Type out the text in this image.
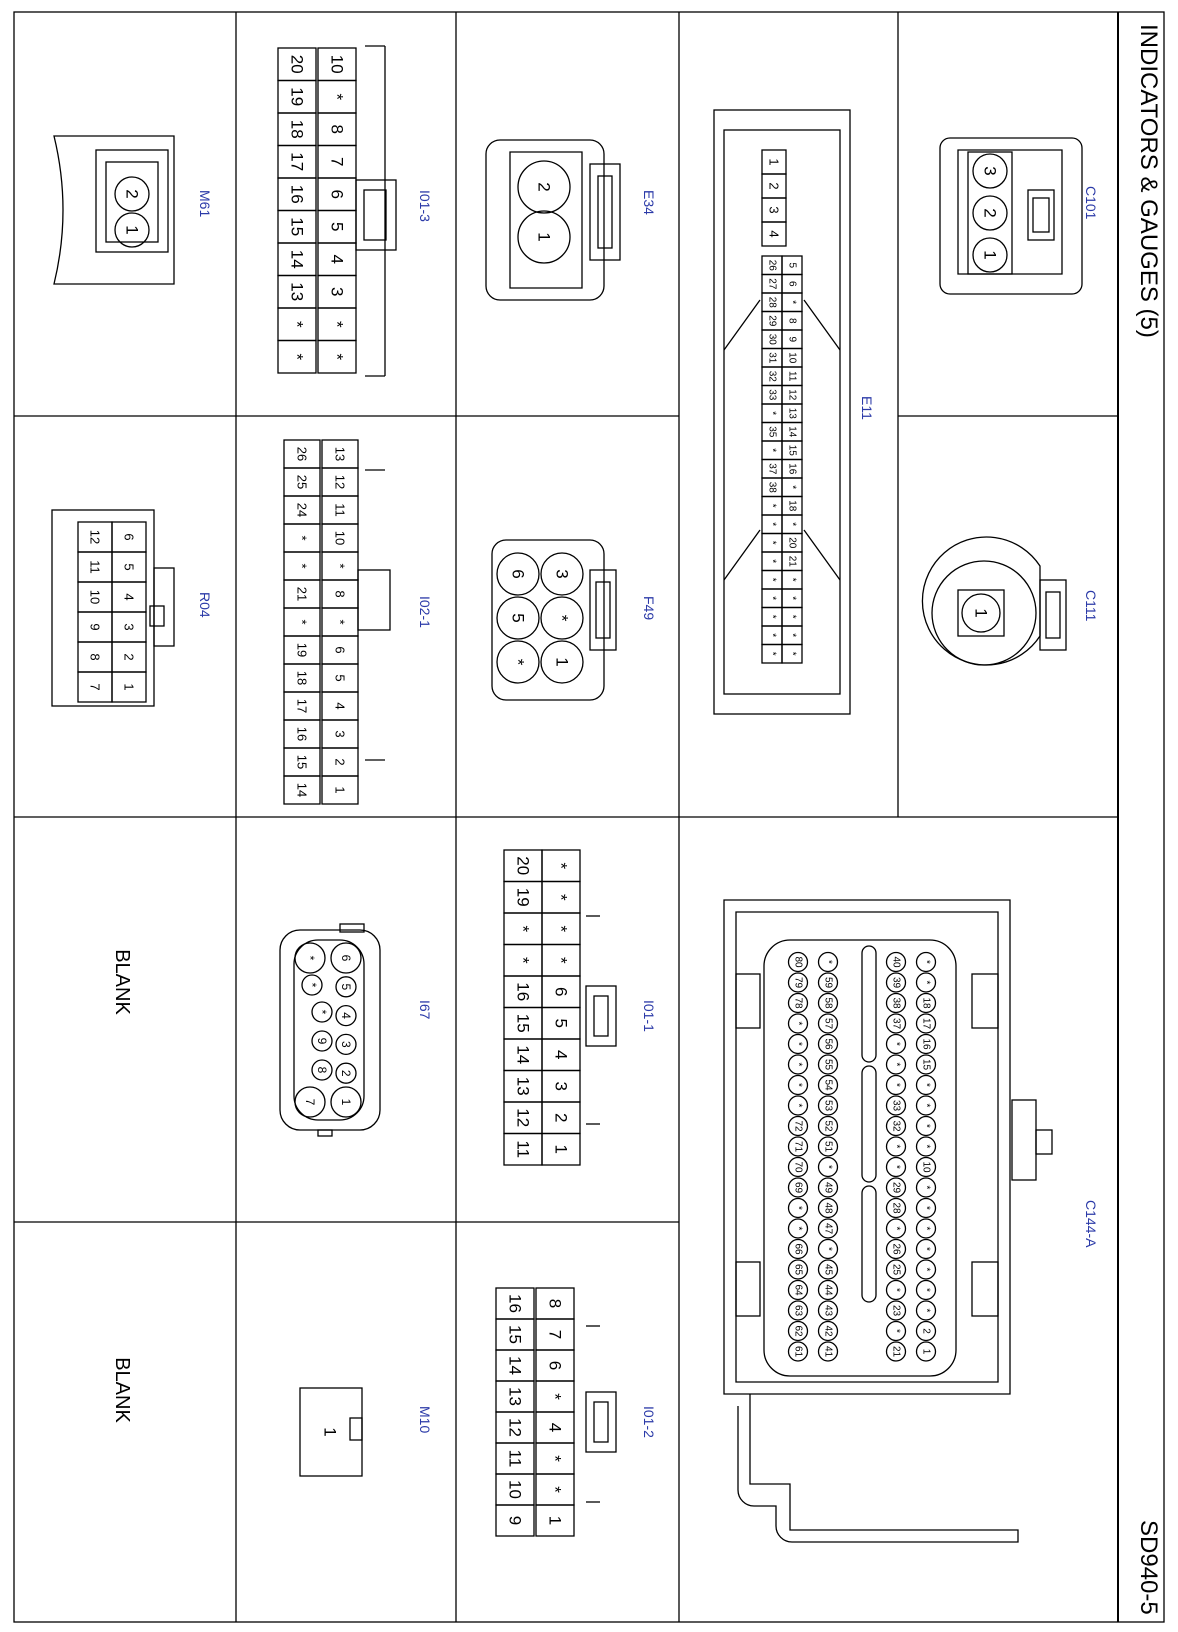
INDICATORS & GAUGES (5)
SD940-5
C101
3
2
1
C111
1
E11
1
2
3
4
5
6
*
8
9
10
11
12
13
14
15
16
*
18
*
20
21
*
*
*
*
*
26
27
28
29
30
31
32
33
*
35
*
37
38
*
*
*
*
*
*
*
*
*
E34
2
1
F49
6 3
5 *
* 1
I01-3
10
*
8
7
6
5
4
3
*
*
20
19
18
17
16
15
14
13
*
*
I02-1
13
12
11
10
*
8
*
6
5
4
3
2
1
26
25
24
*
*
21
*
19
18
17
16
15
14
M61
2
1
R04
6
5
4
3
2
1
12
11
10
9
8
7
C144-A
*
*
18
17
16
15
*
*
*
*
10
*
*
*
*
*
*
*
2
1
40
39
38
37
*
*
*
33
32
*
*
29
28
*
26
25
*
23
*
21
*
59
58
57
56
55
54
53
52
51
*
49
48
47
*
45
44
43
42
41
80
79
78
*
*
*
*
*
72
71
70
69
*
*
66
65
64
63
62
61
I01-1
*
*
*
*
6
5
4
3
2
1
20
19
*
*
16
15
14
13
12
11
I67
*
7
6
5
4
3
2
1
*
*
9
8
I01-2
8
7
6
*
4
*
*
1
16
15
14
13
12
11
10
9
M10
1
BLANK
BLANK
